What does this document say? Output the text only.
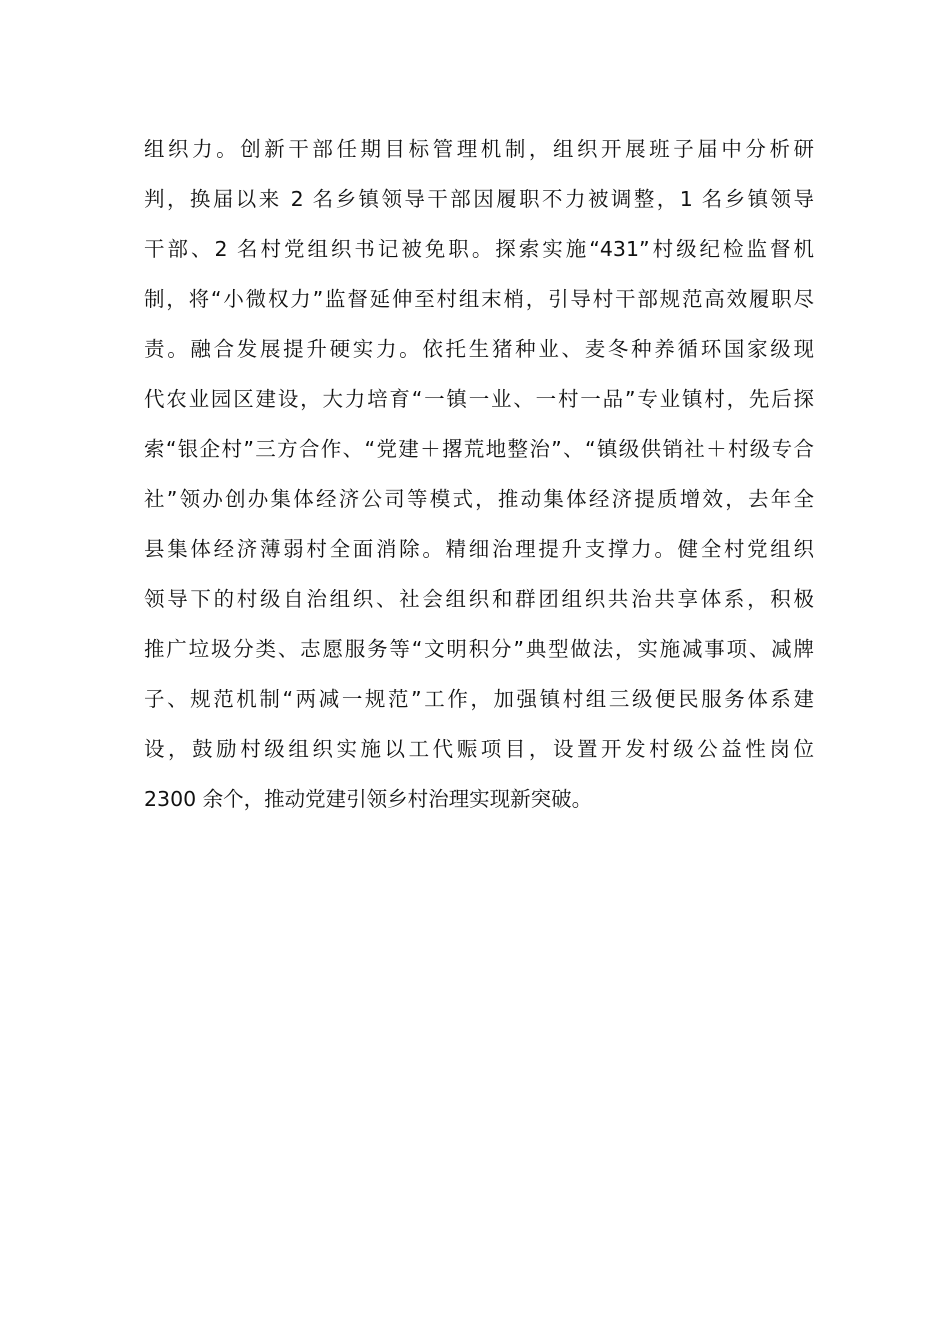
组织力。创新干部任期目标管理机制，组织开展班子届中分析研
判，换届以来 2 名乡镇领导干部因履职不力被调整，1 名乡镇领导
干部、2 名村党组织书记被免职。探索实施“431”村级纪检监督机
制，将“小微权力”监督延伸至村组末梢，引导村干部规范高效履职尽
责。融合发展提升硬实力。依托生猪种业、麦冬种养循环国家级现
代农业园区建设，大力培育“一镇一业、一村一品”专业镇村，先后探
索“银企村”三方合作、“党建＋撂荒地整治”、“镇级供销社＋村级专合
社”领办创办集体经济公司等模式，推动集体经济提质增效，去年全
县集体经济薄弱村全面消除。精细治理提升支撑力。健全村党组织
领导下的村级自治组织、社会组织和群团组织共治共享体系，积极
推广垃圾分类、志愿服务等“文明积分”典型做法，实施减事项、减牌
子、规范机制“两减一规范”工作，加强镇村组三级便民服务体系建
设，鼓励村级组织实施以工代赈项目，设置开发村级公益性岗位
2300 余个，推动党建引领乡村治理实现新突破。
